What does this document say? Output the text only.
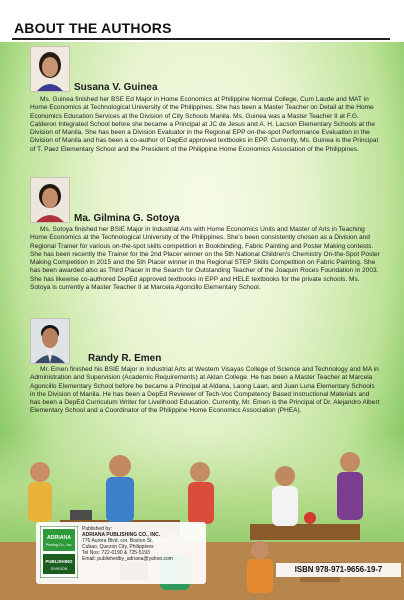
ABOUT THE AUTHORS
Susana V. Guinea
Ms. Guinea finished her BSE Ed Major in Home Economics at Philippine Normal College, Cum Laude and MAT in Home Economics at Technological University of the Philippines. She has been a Master Teacher on Detail at the Home Economics Education Services at the Division of City Schools Manila. Ms. Guinea was a Master Teacher II at F.G. Calderon Integrated School before she became a Principal at JC de Jesus and A. H. Lacson Elementary Schools at the Division of Manila. She has been a Division Evaluator in the Regional EPP on-the-spot Performance Evaluation in the Division of Manila and has been a co-author of DepEd approved textbooks in EPP. Currently, Ms. Guinea is the Principal of T. Paez Elementary School and the President of the Philippine Home Economics Association of the Philippines.
Ma. Gilmina G. Sotoya
Ms. Sotoya finished her BSIE Major in Industrial Arts with Home Economics Units and Master of Arts in Teaching Home Economics at the Technological University of the Philippines. She's been consistently chosen as a Division and Regional Trainer for various on-the-spot skills competition in Bookbinding, Fabric Painting and Poster Making contests. She has been recently the Trainer for the 2nd Placer winner on the 5th National Children's Chemistry On-the-Spot Poster Making Competition in 2015 and the 5th Placer winner in the Regional STEP Skills Competition on Fabric Painting. She has been awarded also as Third Placer in the Search for Outstanding Teacher of the Joaquin Roces Foundation in 2003. She has likewise co-authored DepEd approved textbooks in EPP and HELE textbooks for the private schools. Ms. Sotoya is currently a Master Teacher II at Marcela Agoncillo Elementary School.
Randy R. Emen
Mr. Emen finished his BSIE Major in Industrial Arts at Western Visayas College of Science and Technology and MA in Administration and Supervision (Academic Requirements) at Aklan College. He has been a Master Teacher at Marcela Agoncillo Elementary School before he became a Principal at Aldana, Laong Laan, and Juan Luna Elementary Schools in the Division of Manila. He has been a DepEd Reviewer of Tech-Voc Competency Based Instructional Materials and has been a DepEd Curriculum Writer for Livelihood Education. Currently, Mr. Emen is the Principal of Dr. Alejandro Albert Elementary School and a Coordinator of the Philippine Home Economics Association (PHEA).
ADRIANA
Printing Co., Inc.
PUBLISHING
DIVISION
Published by:
ADRIANA PUBLISHING CO., INC.
776 Aurora Blvd. cor. Boston St.
Cubao, Quezon City, Philippines
Tel Nos: 722-0190 & 725-5193
Email: publishedby_adriana@yahoo.com
ISBN 978-971-9656-19-7
